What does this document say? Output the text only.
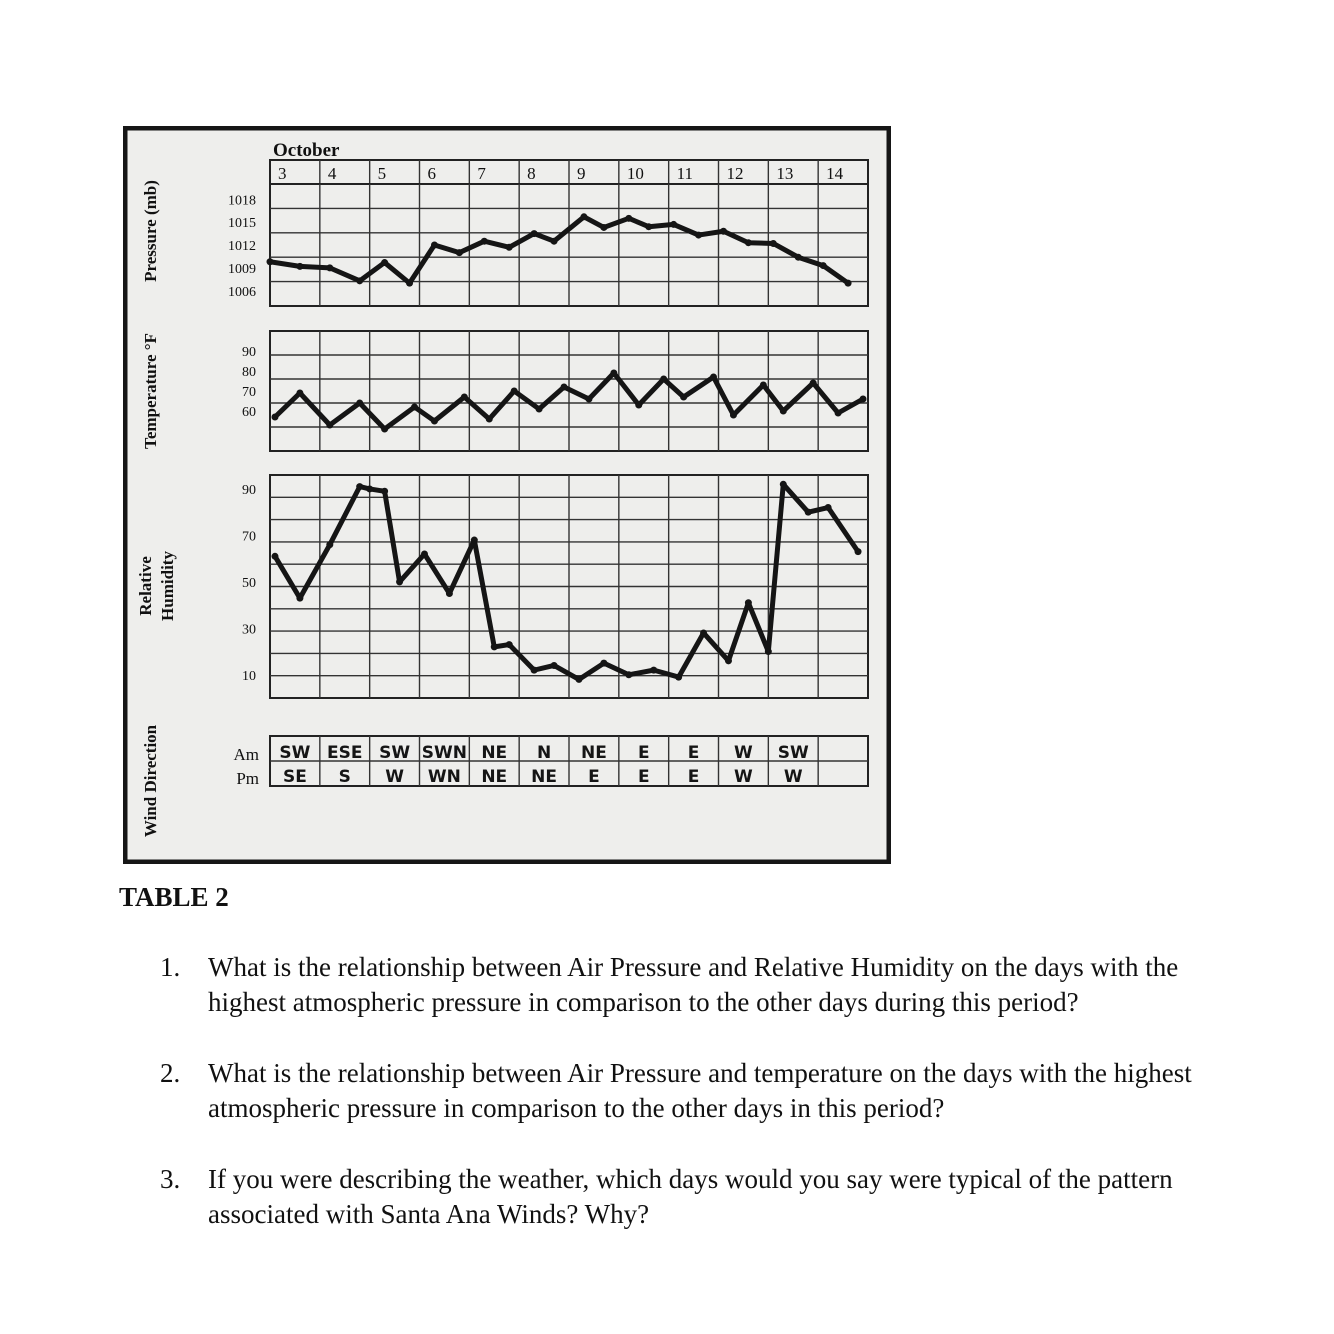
October
3 4 5 6 7 8 9 10 11 12 13 14
1018
1015
1012
1009
1006
90
80
70
60
90
70
50
30
10
Am
Pm
SW ESE SW SWN NE N NE E E W SW
SE S W WN NE NE E E E W W
Pressure (mb)
Temperature °F
Relative Humidity
Wind Direction

TABLE 2

1.	What is the relationship between Air Pressure and Relative Humidity on the days with the highest atmospheric pressure in comparison to the other days during this period?
2.	What is the relationship between Air Pressure and temperature on the days with the highest atmospheric pressure in comparison to the other days in this period?
3.	If you were describing the weather, which days would you say were typical of the pattern associated with Santa Ana Winds? Why?
